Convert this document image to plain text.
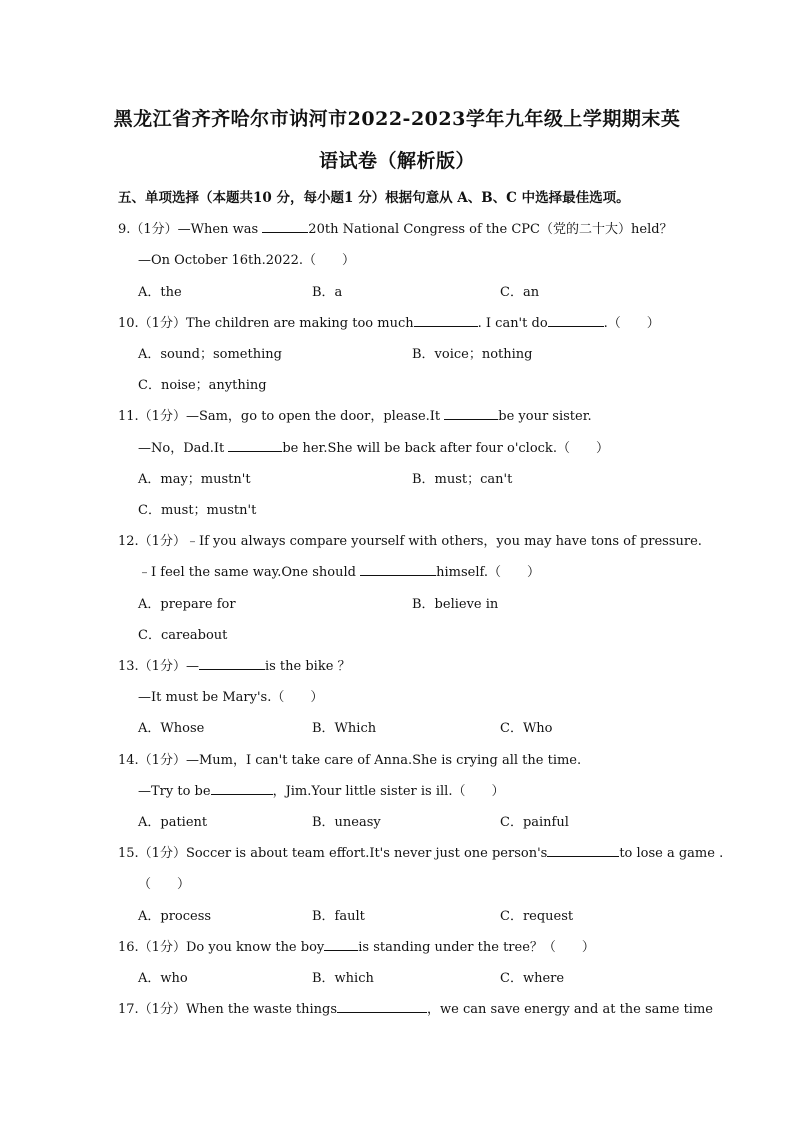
黑龙江省齐齐哈尔市讷河市2022-2023学年九年级上学期期末英
语试卷（解析版）
五、单项选择（本题共10 分，每小题1 分）根据句意从 A、B、C 中选择最佳选项。
9.（1分）—When was	20th National Congress of the CPC（党的二十大）held？
—On October 16th.2022.（　　）
A．the	B．a	C．an
10.（1分）The children are making too much	. I can't do	.（　　）
A．sound；something	B．voice；nothing
C．noise；anything
11.（1分）—Sam，go to open the door，please.It	be your sister.
—No，Dad.It	be her.She will be back after four o'clock.（　　）
A．may；mustn't	B．must；can't
C．must；mustn't
12.（1分）﹣If you always compare yourself with others，you may have tons of pressure.
﹣I feel the same way.One should	himself.（　　）
A．prepare for	B．believe in
C．careabout
13.（1分）—	is the bike ？
—It must be Mary's.（　　）
A．Whose	B．Which	C．Who
14.（1分）—Mum，I can't take care of Anna.She is crying all the time.
—Try to be	，Jim.Your little sister is ill.（　　）
A．patient	B．uneasy	C．painful
15.（1分）Soccer is about team effort.It's never just one person's	to lose a game .
（　　）
A．process	B．fault	C．request
16.（1分）Do you know the boy	is standing under the tree？（　　）
A．who	B．which	C．where
17.（1分）When the waste things	，we can save energy and at the same time
